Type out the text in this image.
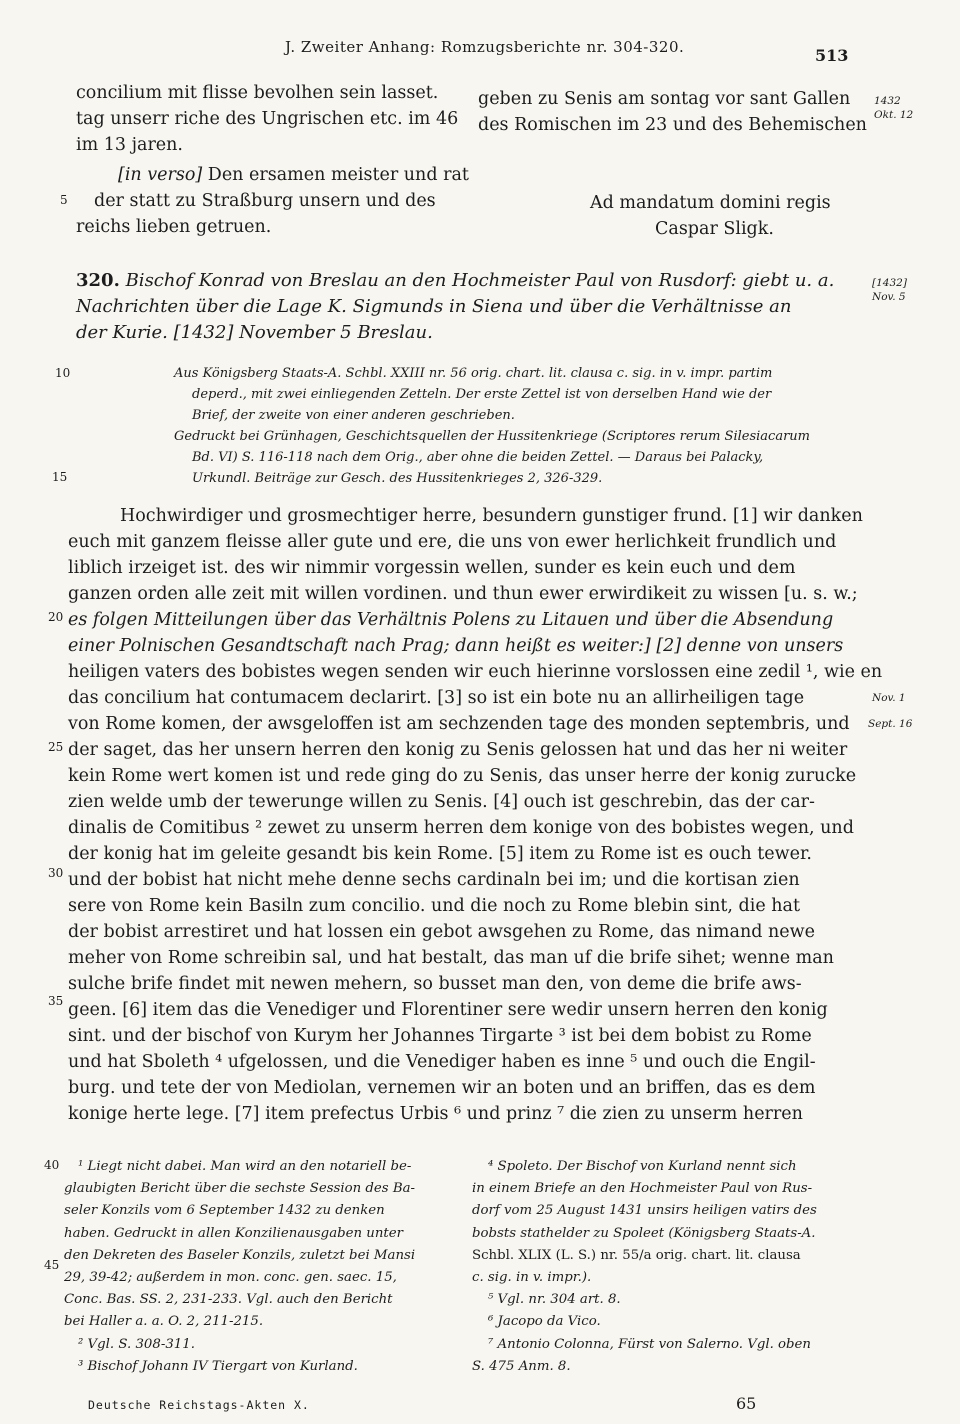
J. Zweiter Anhang: Romzugsberichte nr. 304-320.	513
concilium mit flisse bevolhen sein lasset.
tag unserr riche des Ungrischen etc. im 46
im 13 jaren.
geben zu Senis am sontag vor sant Gallen
des Romischen im 23 und des Behemischen
1432
Okt. 12
[in verso] Den ersamen meister und rat
der statt zu Straßburg unsern und des
reichs lieben getruen.
5	Ad mandatum domini regis
Caspar Sligk.
320. Bischof Konrad von Breslau an den Hochmeister Paul von Rusdorf: giebt u. a.
Nachrichten über die Lage K. Sigmunds in Siena und über die Verhältnisse an
der Kurie. [1432] November 5 Breslau.
[1432]
Nov. 5
Aus Königsberg Staats-A. Schbl. XXIII nr. 56 orig. chart. lit. clausa c. sig. in v. impr. partim
deperd., mit zwei einliegenden Zetteln. Der erste Zettel ist von derselben Hand wie der
Brief, der zweite von einer anderen geschrieben.
Gedruckt bei Grünhagen, Geschichtsquellen der Hussitenkriege (Scriptores rerum Silesiacarum
Bd. VI) S. 116-118 nach dem Orig., aber ohne die beiden Zettel. — Daraus bei Palacky,
Urkundl. Beiträge zur Gesch. des Hussitenkrieges 2, 326-329.
10
15
Hochwirdiger und grosmechtiger herre, besundern gunstiger frund. [1] wir danken
euch mit ganzem fleisse aller gute und ere, die uns von ewer herlichkeit frundlich und
liblich irzeiget ist. des wir nimmir vorgessin wellen, sunder es kein euch und dem
ganzen orden alle zeit mit willen vordinen. und thun ewer erwirdikeit zu wissen [u. s. w.;
es folgen Mitteilungen über das Verhältnis Polens zu Litauen und über die Absendung
einer Polnischen Gesandtschaft nach Prag; dann heißt es weiter:] [2] denne von unsers
heiligen vaters des bobistes wegen senden wir euch hierinne vorslossen eine zedil ¹, wie en
das concilium hat contumacem declarirt. [3] so ist ein bote nu an allirheiligen tage
von Rome komen, der awsgeloffen ist am sechzenden tage des monden septembris, und
der saget, das her unsern herren den konig zu Senis gelossen hat und das her ni weiter
kein Rome wert komen ist und rede ging do zu Senis, das unser herre der konig zurucke
zien welde umb der tewerunge willen zu Senis. [4] ouch ist geschrebin, das der car-
dinalis de Comitibus ² zewet zu unserm herren dem konige von des bobistes wegen, und
der konig hat im geleite gesandt bis kein Rome. [5] item zu Rome ist es ouch tewer.
und der bobist hat nicht mehe denne sechs cardinaln bei im; und die kortisan zien
sere von Rome kein Basiln zum concilio. und die noch zu Rome blebin sint, die hat
der bobist arrestiret und hat lossen ein gebot awsgehen zu Rome, das nimand newe
meher von Rome schreibin sal, und hat bestalt, das man uf die brife sihet; wenne man
sulche brife findet mit newen mehern, so busset man den, von deme die brife aws-
geen. [6] item das die Venediger und Florentiner sere wedir unsern herren den konig
sint. und der bischof von Kurym her Johannes Tirgarte ³ ist bei dem bobist zu Rome
und hat Sboleth ⁴ ufgelossen, und die Venediger haben es inne ⁵ und ouch die Engil-
burg. und tete der von Mediolan, vernemen wir an boten und an briffen, das es dem
konige herte lege. [7] item prefectus Urbis ⁶ und prinz ⁷ die zien zu unserm herren
20
25
30
35
Nov. 1
Sept. 16
¹ Liegt nicht dabei. Man wird an den notariell be-
glaubigten Bericht über die sechste Session des Ba-
seler Konzils vom 6 September 1432 zu denken
haben. Gedruckt in allen Konzilienausgaben unter
den Dekreten des Baseler Konzils, zuletzt bei Mansi
29, 39-42; außerdem in mon. conc. gen. saec. 15,
Conc. Bas. SS. 2, 231-233. Vgl. auch den Bericht
bei Haller a. a. O. 2, 211-215.
² Vgl. S. 308-311.
³ Bischof Johann IV Tiergart von Kurland.
40
45
⁴ Spoleto. Der Bischof von Kurland nennt sich
in einem Briefe an den Hochmeister Paul von Rus-
dorf vom 25 August 1431 unsirs heiligen vatirs des
bobsts stathelder zu Spoleet (Königsberg Staats-A.
Schbl. XLIX (L. S.) nr. 55/a orig. chart. lit. clausa
c. sig. in v. impr.).
⁵ Vgl. nr. 304 art. 8.
⁶ Jacopo da Vico.
⁷ Antonio Colonna, Fürst von Salerno. Vgl. oben
S. 475 Anm. 8.
Deutsche Reichstags-Akten X.	65
